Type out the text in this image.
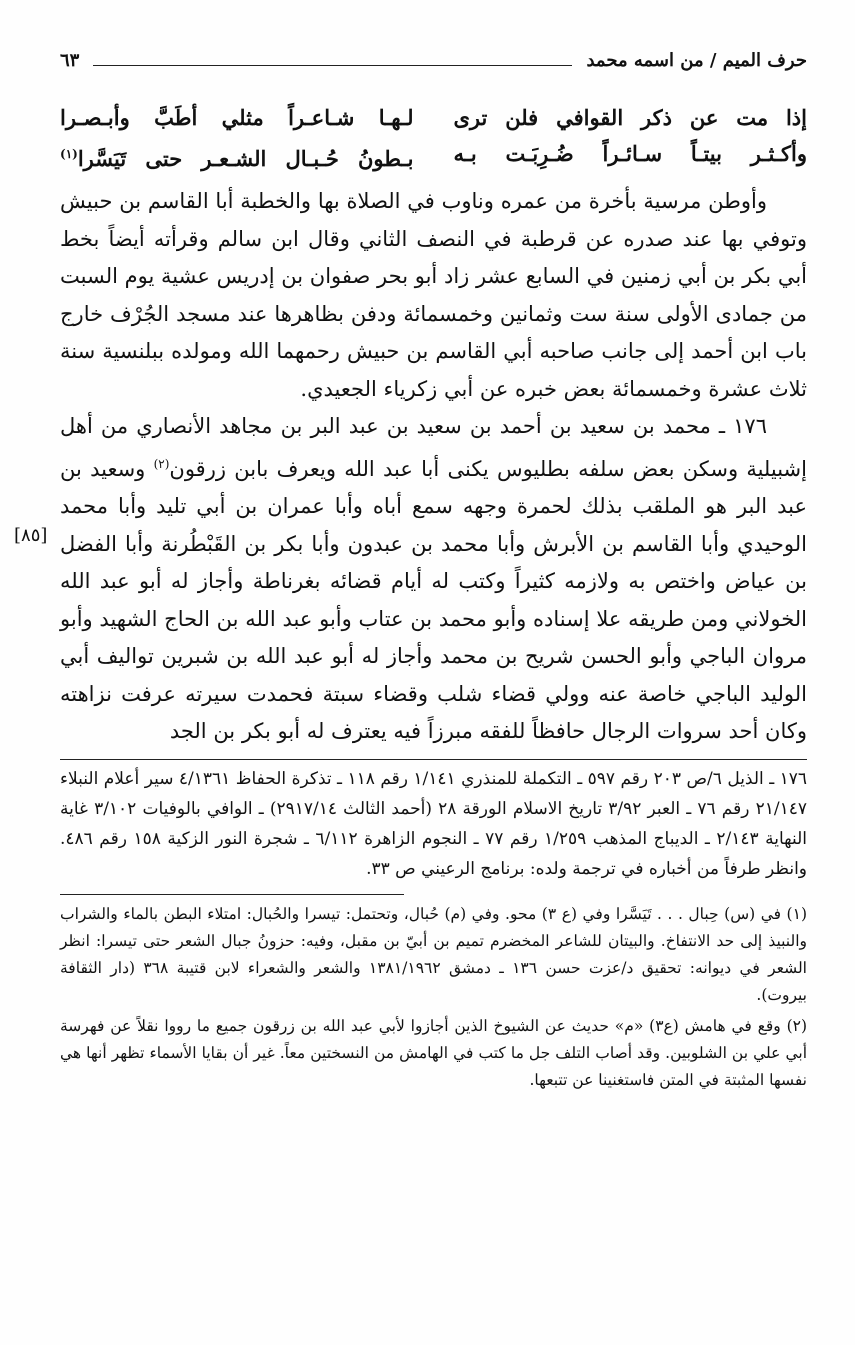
حرف الميم / من اسمه محمد
٦٣
إذا مت عن ذكر القوافي فلن ترى
لـهـا شـاعـراً مثلي أطَبَّ وأبـصـرا
وأكـثـر بيتـاً سـائـراً ضُـرِبَـت بـه
بـطونُ حُـبـال الشـعـر حتى تَيَسَّرا$^{(١)}$

وأوطن مرسية بأخرة من عمره وناوب في الصلاة بها والخطبة أبا القاسم بن حبيش وتوفي بها عند صدره عن قرطبة في النصف الثاني وقال ابن سالم وقرأته أيضاً بخط أبي بكر بن أبي زمنين في السابع عشر زاد أبو بحر صفوان بن إدريس عشية يوم السبت من جمادى الأولى سنة ست وثمانين وخمسمائة ودفن بظاهرها عند مسجد الجُرْف خارج باب ابن أحمد إلى جانب صاحبه أبي القاسم بن حبيش رحمهما الله ومولده ببلنسية سنة ثلاث عشرة وخمسمائة بعض خبره عن أبي زكرياء الجعيدي.

١٧٦ ـ محمد بن سعيد بن أحمد بن سعيد بن عبد البر بن مجاهد الأنصاري من أهل إشبيلية وسكن بعض سلفه بطليوس يكنى أبا عبد الله ويعرف بابن زرقون$^{(٢)}$ وسعيد بن عبد البر هو الملقب بذلك لحمرة وجهه سمع أباه وأبا عمران بن أبي تليد وأبا محمد الوحيدي وأبا القاسم بن الأبرش وأبا محمد بن عبدون وأبا بكر بن القَبْطُرنة وأبا الفضل بن عياض واختص به ولازمه كثيراً وكتب له أيام قضائه بغرناطة وأجاز له أبو عبد الله الخولاني ومن طريقه علا إسناده وأبو محمد بن عتاب وأبو عبد الله بن الحاج الشهيد وأبو مروان الباجي وأبو الحسن شريح بن محمد وأجاز له أبو عبد الله بن شبرين تواليف أبي الوليد الباجي خاصة عنه وولي قضاء شلب وقضاء سبتة فحمدت سيرته عرفت نزاهته وكان أحد سروات الرجال حافظاً للفقه مبرزاً فيه يعترف له أبو بكر بن الجد

[٨٥]
١٧٦ ـ الذيل ٦/ص ٢٠٣ رقم ٥٩٧ ـ التكملة للمنذري ١/١٤١ رقم ١١٨ ـ تذكرة الحفاظ ٤/١٣٦١ سير أعلام النبلاء ٢١/١٤٧ رقم ٧٦ ـ العبر ٣/٩٢ تاريخ الاسلام الورقة ٢٨ (أحمد الثالث ٢٩١٧/١٤) ـ الوافي بالوفيات ٣/١٠٢ غاية النهاية ٢/١٤٣ ـ الديباج المذهب ١/٢٥٩ رقم ٧٧ ـ النجوم الزاهرة ٦/١١٢ ـ شجرة النور الزكية ١٥٨ رقم ٤٨٦. وانظر طرفاً من أخباره في ترجمة ولده: برنامج الرعيني ص ٣٣.

(١) في (س) حِبال . . . تَيَسَّرا وفي (ع ٣) محو. وفي (م) حُبال، وتحتمل: تيسرا والحُبال: امتلاء البطن بالماء والشراب والنبيذ إلى حد الانتفاخ. والبيتان للشاعر المخضرم تميم بن أبيّ بن مقبل، وفيه: حزونُ جبال الشعر حتى تيسرا: انظر الشعر في ديوانه: تحقيق د/عزت حسن ١٣٦ ـ دمشق ١٣٨١/١٩٦٢ والشعر والشعراء لابن قتيبة ٣٦٨ (دار الثقافة بيروت).

(٢) وقع في هامش (ع٣) «م» حديث عن الشيوخ الذين أجازوا لأبي عبد الله بن زرقون جميع ما رووا نقلاً عن فهرسة أبي علي بن الشلوبين. وقد أصاب التلف جل ما كتب في الهامش من النسختين معاً. غير أن بقايا الأسماء تظهر أنها هي نفسها المثبتة في المتن فاستغنينا عن تتبعها.
